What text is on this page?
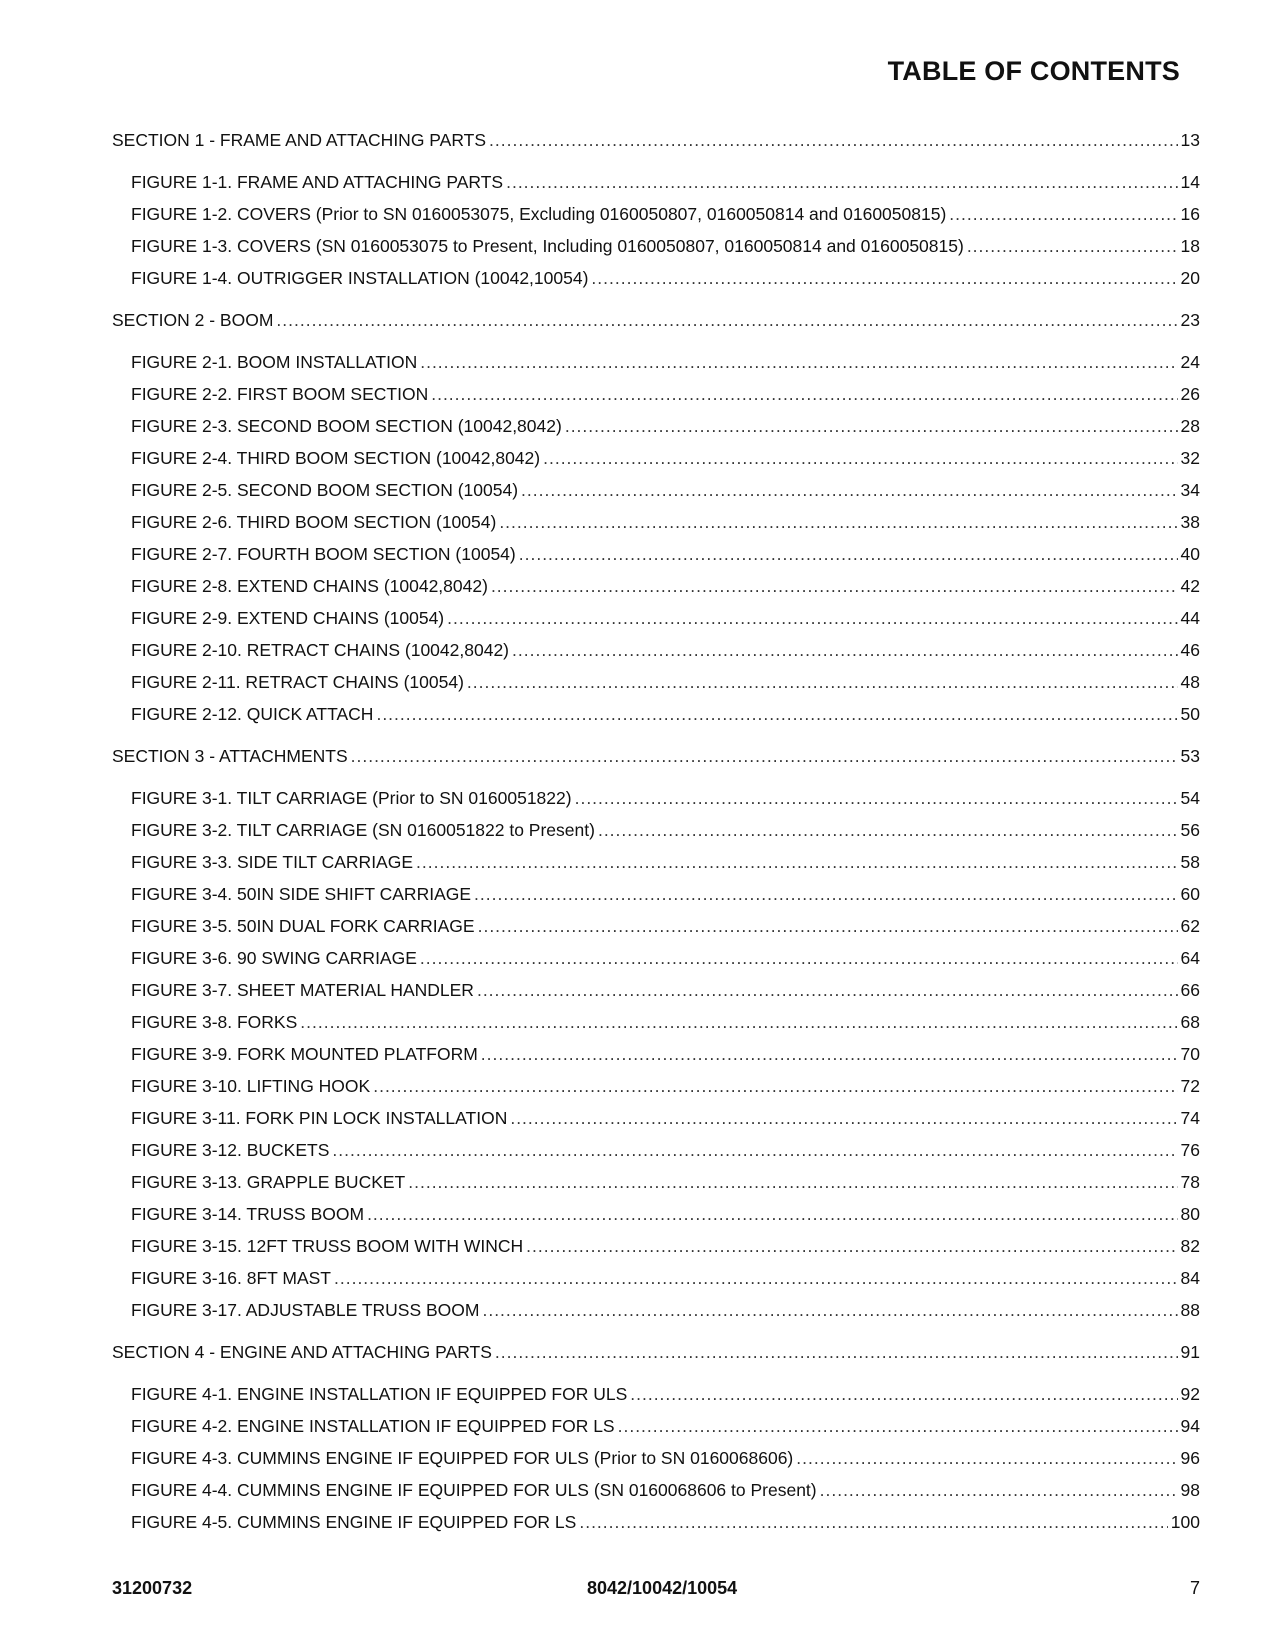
TABLE OF CONTENTS
SECTION 1 - FRAME AND ATTACHING PARTS .....	13
FIGURE 1-1. FRAME AND ATTACHING PARTS .....	14
FIGURE 1-2. COVERS (Prior to SN 0160053075, Excluding 0160050807, 0160050814 and 0160050815) .....	16
FIGURE 1-3. COVERS (SN 0160053075 to Present, Including 0160050807, 0160050814 and 0160050815) .....	18
FIGURE 1-4. OUTRIGGER INSTALLATION (10042,10054) .....	20
SECTION 2 - BOOM .....	23
FIGURE 2-1. BOOM INSTALLATION .....	24
FIGURE 2-2. FIRST BOOM SECTION .....	26
FIGURE 2-3. SECOND BOOM SECTION (10042,8042) .....	28
FIGURE 2-4. THIRD BOOM SECTION (10042,8042) .....	32
FIGURE 2-5. SECOND BOOM SECTION (10054) .....	34
FIGURE 2-6. THIRD BOOM SECTION (10054) .....	38
FIGURE 2-7. FOURTH BOOM SECTION (10054) .....	40
FIGURE 2-8. EXTEND CHAINS (10042,8042) .....	42
FIGURE 2-9. EXTEND CHAINS (10054) .....	44
FIGURE 2-10. RETRACT CHAINS (10042,8042) .....	46
FIGURE 2-11. RETRACT CHAINS (10054) .....	48
FIGURE 2-12. QUICK ATTACH .....	50
SECTION 3 - ATTACHMENTS .....	53
FIGURE 3-1. TILT CARRIAGE (Prior to SN 0160051822) .....	54
FIGURE 3-2. TILT CARRIAGE (SN 0160051822 to Present) .....	56
FIGURE 3-3. SIDE TILT CARRIAGE .....	58
FIGURE 3-4. 50IN SIDE SHIFT CARRIAGE .....	60
FIGURE 3-5. 50IN DUAL FORK CARRIAGE .....	62
FIGURE 3-6. 90 SWING CARRIAGE .....	64
FIGURE 3-7. SHEET MATERIAL HANDLER .....	66
FIGURE 3-8. FORKS .....	68
FIGURE 3-9. FORK MOUNTED PLATFORM .....	70
FIGURE 3-10. LIFTING HOOK .....	72
FIGURE 3-11. FORK PIN LOCK INSTALLATION .....	74
FIGURE 3-12. BUCKETS .....	76
FIGURE 3-13. GRAPPLE BUCKET .....	78
FIGURE 3-14. TRUSS BOOM .....	80
FIGURE 3-15. 12FT TRUSS BOOM WITH WINCH .....	82
FIGURE 3-16. 8FT MAST .....	84
FIGURE 3-17. ADJUSTABLE TRUSS BOOM .....	88
SECTION 4 - ENGINE AND ATTACHING PARTS .....	91
FIGURE 4-1. ENGINE INSTALLATION IF EQUIPPED FOR ULS .....	92
FIGURE 4-2. ENGINE INSTALLATION IF EQUIPPED FOR LS .....	94
FIGURE 4-3. CUMMINS ENGINE IF EQUIPPED FOR ULS (Prior to SN 0160068606) .....	96
FIGURE 4-4. CUMMINS ENGINE IF EQUIPPED FOR ULS (SN 0160068606 to Present) .....	98
FIGURE 4-5. CUMMINS ENGINE IF EQUIPPED FOR LS .....	100
31200732	8042/10042/10054	7
